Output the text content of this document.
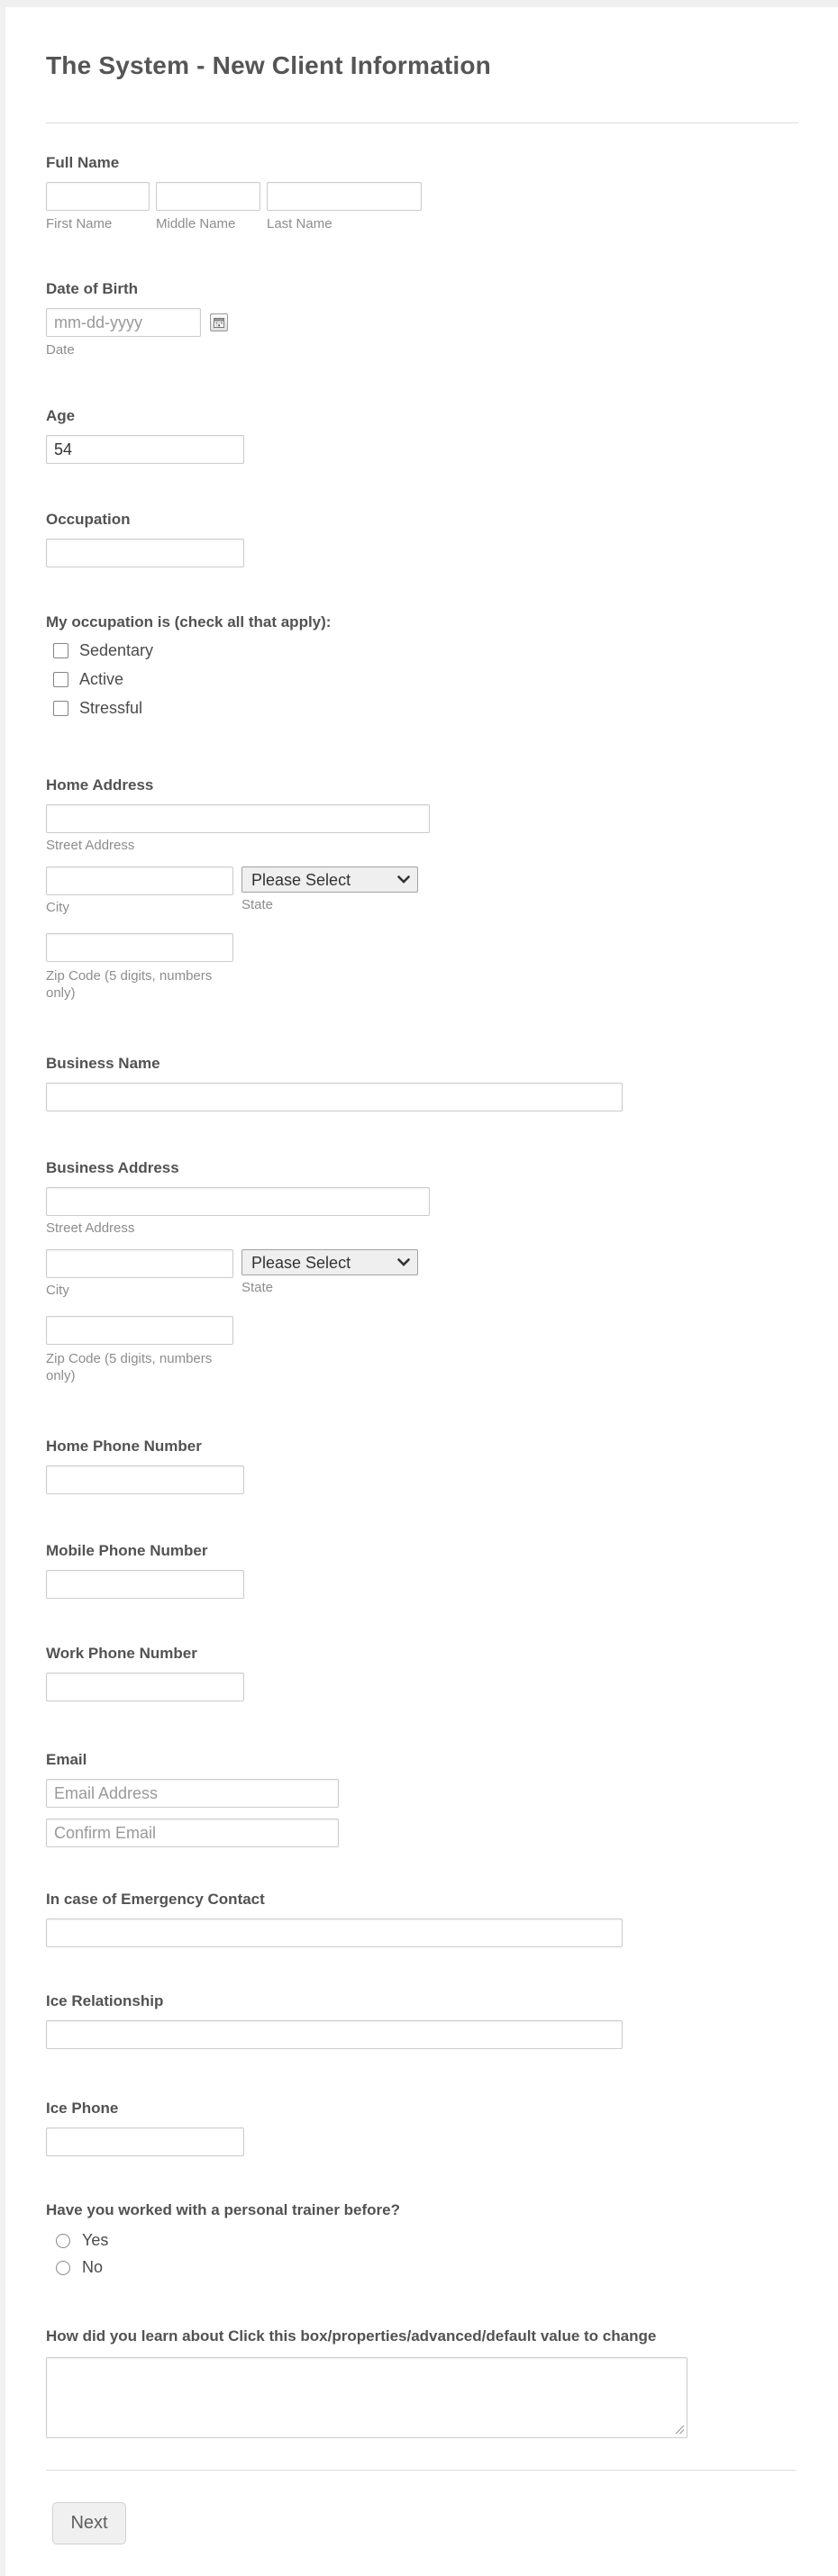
The System - New Client Information
Full Name
First Name	Middle Name	Last Name
Date of Birth
mm-dd-yyyy
Date
Age
54
Occupation
My occupation is (check all that apply):
Sedentary
Active
Stressful
Home Address
Street Address
City
Please Select	State
Zip Code (5 digits, numbers only)
Business Name
Business Address
Street Address
City
Please Select	State
Zip Code (5 digits, numbers only)
Home Phone Number
Mobile Phone Number
Work Phone Number
Email
Email Address
Confirm Email
In case of Emergency Contact
Ice Relationship
Ice Phone
Have you worked with a personal trainer before?
Yes
No
How did you learn about Click this box/properties/advanced/default value to change
Next
